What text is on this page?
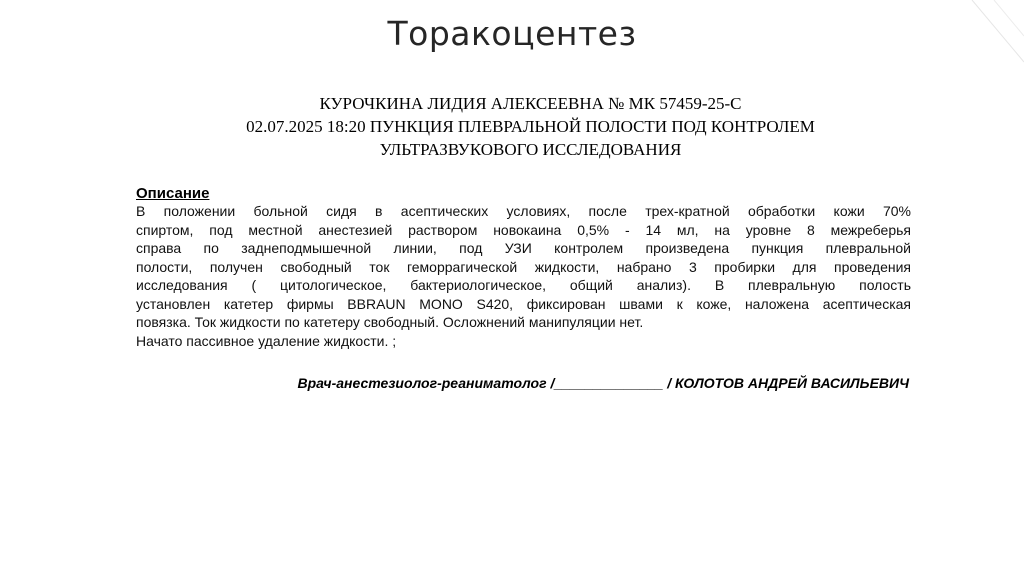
Торакоцентез
КУРОЧКИНА ЛИДИЯ АЛЕКСЕЕВНА № МК 57459-25-С
02.07.2025 18:20 ПУНКЦИЯ ПЛЕВРАЛЬНОЙ ПОЛОСТИ ПОД КОНТРОЛЕМ
УЛЬТРАЗВУКОВОГО ИССЛЕДОВАНИЯ
Описание
В положении больной сидя в асептических условиях, после трех-кратной обработки кожи 70%
спиртом, под местной анестезией раствором новокаина 0,5% - 14 мл, на уровне 8 межреберья
справа по заднеподмышечной линии, под УЗИ контролем произведена пункция плевральной
полости, получен свободный ток геморрагической жидкости, набрано 3 пробирки для проведения
исследования ( цитологическое, бактериологическое, общий анализ). В плевральную полость
установлен катетер фирмы BBRAUN MONO S420, фиксирован швами к коже, наложена асептическая
повязка. Ток жидкости по катетеру свободный. Осложнений манипуляции нет.
Начато пассивное удаление жидкости. ;
Врач-анестезиолог-реаниматолог /______________ / КОЛОТОВ АНДРЕЙ ВАСИЛЬЕВИЧ
